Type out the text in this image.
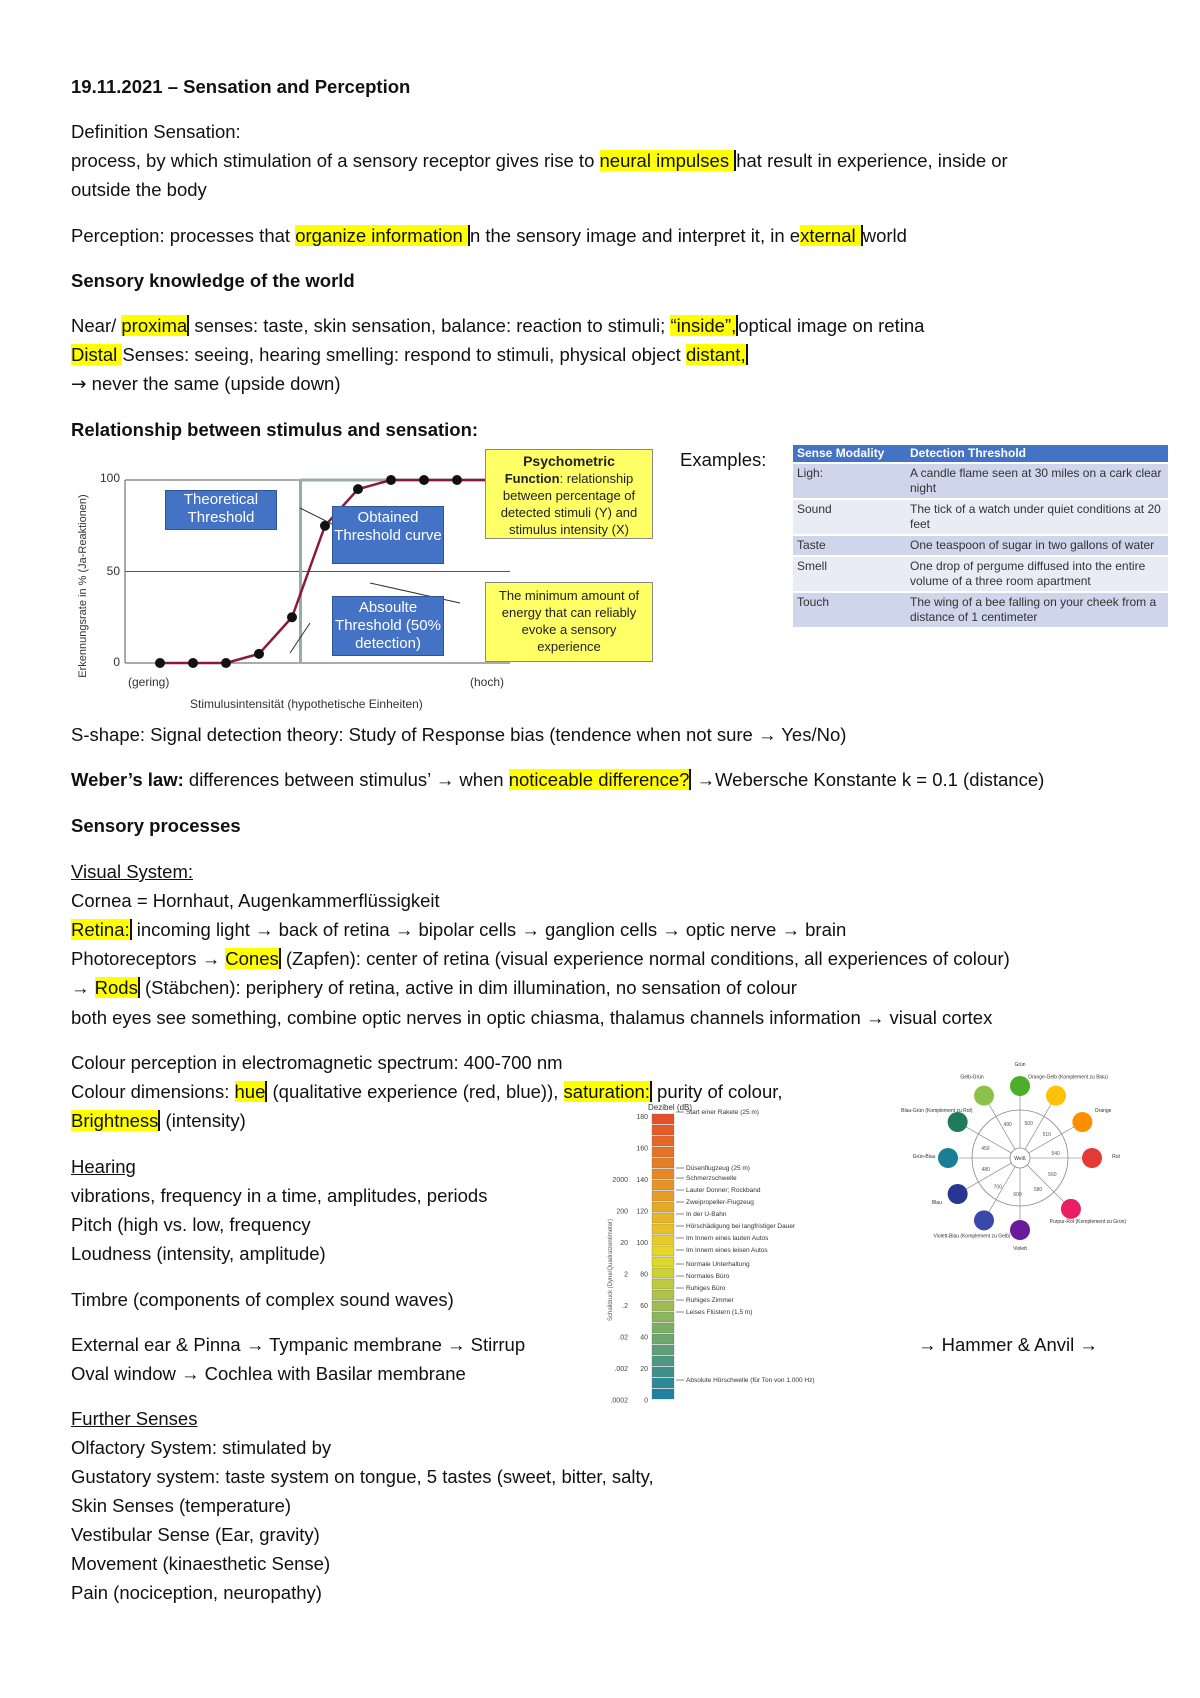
19.11.2021 – Sensation and Perception
Definition Sensation:
process, by which stimulation of a sensory receptor gives rise to neural impulses hat result in experience, inside or
outside the body
Perception: processes that organize information n the sensory image and interpret it, in external world
Sensory knowledge of the world
Near/ proxima senses: taste, skin sensation, balance: reaction to stimuli; “inside”, optical image on retina
Distal Senses: seeing, hearing smelling: respond to stimuli, physical object distant,
→ never the same (upside down)
Relationship between stimulus and sensation:
Erkennungsrate in % (Ja-Reaktionen)
(gering)	(hoch)
Stimulusintensität (hypothetische Einheiten)
100
50
0
Theoretical Threshold	Obtained Threshold curve
Absoulte Threshold (50% detection)
Psychometric
Function: relationship between percentage of detected stimuli (Y) and stimulus intensity (X)
The minimum amount of energy that can reliably evoke a sensory experience
Examples:	Sense Modality	Detection Threshold
Ligh:	A candle flame seen at 30 miles on a cark clear night
Sound	The tick of a watch under quiet conditions at 20 feet
Taste	One teaspoon of sugar in two gallons of water
Smell	One drop of pergume diffused into the entire volume of a three room apartment
Touch	The wing of a bee falling on your cheek from a distance of 1 centimeter
S-shape: Signal detection theory: Study of Response bias (tendence when not sure → Yes/No)
Weber’s law: differences between stimulus’ → when noticeable difference? →Webersche Konstante k = 0.1 (distance)
Sensory processes
Visual System:
Cornea = Hornhaut, Augenkammerflüssigkeit
Retina: incoming light → back of retina → bipolar cells → ganglion cells → optic nerve → brain
Photoreceptors → Cones (Zapfen): center of retina (visual experience normal conditions, all experiences of colour)
→ Rods (Stäbchen): periphery of retina, active in dim illumination, no sensation of colour
both eyes see something, combine optic nerves in optic chiasma, thalamus channels information → visual cortex
Colour perception in electromagnetic spectrum: 400-700 nm
Colour dimensions: hue (qualitative experience (red, blue)), saturation: purity of colour,
Brightness (intensity)
Hearing
vibrations, frequency in a time, amplitudes, periods
Pitch (high vs. low, frequency
Loudness (intensity, amplitude)
Timbre (components of complex sound waves)
External ear & Pinna → Tympanic membrane → Stirrup	→ Hammer & Anvil →
Oval window → Cochlea with Basilar membrane
Dezibel (dB)
Schalldruck (Dyne/Quadratzentimeter)
180
160
140
2000
120
200
100
20
80
2
60
.2
40
.02
20
.002
0
.0002
Start einer Rakete (25 m)
Düsenflugzeug (25 m)
Schmerzschwelle
Lauter Donner; Rockband
Zweipropeller-Flugzeug
In der U-Bahn
Hörschädigung bei langfristiger Dauer
Im Innern eines lauten Autos
Im Innern eines leisen Autos
Normale Unterhaltung
Normales Büro
Ruhiges Büro
Ruhiges Zimmer
Leises Flüstern (1,5 m)
Absolute Hörschwelle (für Ton von 1.000 Hz)
Weiß
Grün
Gelb-Grün	Orange-Gelb (Komplement zu Blau)
Blau-Grün (Komplement zu Rot)	Orange
Grün-Blau	Rot
Blau
Violett-Blau (Komplement zu Gelb)
Violett
Purpur-Rot (Komplement zu Grün)
490	500
510
540
560
580
600
700
480
450
Further Senses
Olfactory System: stimulated by
Gustatory system: taste system on tongue, 5 tastes (sweet, bitter, salty,
Skin Senses (temperature)
Vestibular Sense (Ear, gravity)
Movement (kinaesthetic Sense)
Pain (nociception, neuropathy)
